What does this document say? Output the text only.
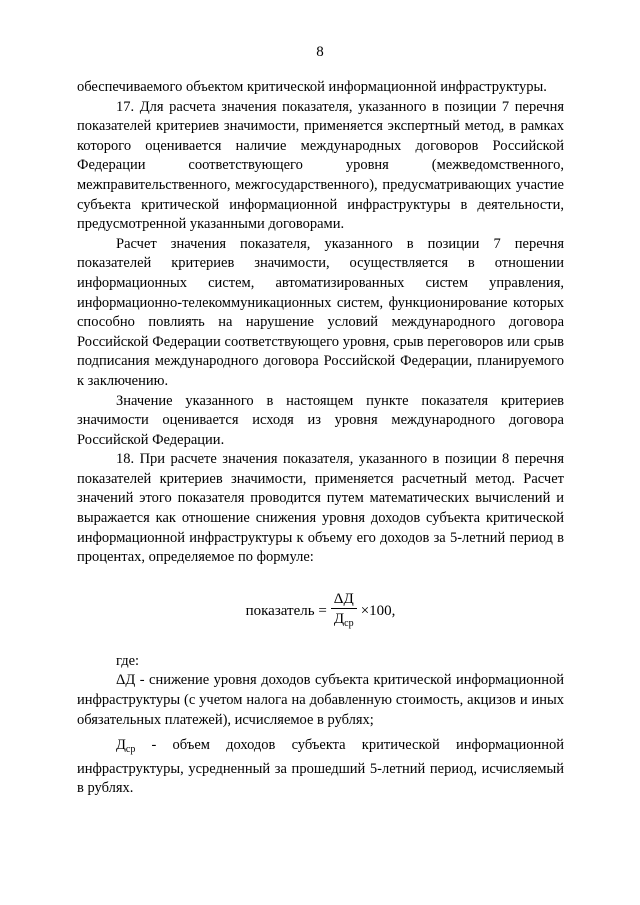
8

обеспечиваемого объектом критической информационной инфраструктуры.

17. Для расчета значения показателя, указанного в позиции 7 перечня показателей критериев значимости, применяется экспертный метод, в рамках которого оценивается наличие международных договоров Российской Федерации соответствующего уровня (межведомственного, межправительственного, межгосударственного), предусматривающих участие субъекта критической информационной инфраструктуры в деятельности, предусмотренной указанными договорами.

Расчет значения показателя, указанного в позиции 7 перечня показателей критериев значимости, осуществляется в отношении информационных систем, автоматизированных систем управления, информационно-телекоммуникационных систем, функционирование которых способно повлиять на нарушение условий международного договора Российской Федерации соответствующего уровня, срыв переговоров или срыв подписания международного договора Российской Федерации, планируемого к заключению.

Значение указанного в настоящем пункте показателя критериев значимости оценивается исходя из уровня международного договора Российской Федерации.

18. При расчете значения показателя, указанного в позиции 8 перечня показателей критериев значимости, применяется расчетный метод. Расчет значений этого показателя проводится путем математических вычислений и выражается как отношение снижения уровня доходов субъекта критической информационной инфраструктуры к объему его доходов за 5-летний период в процентах, определяемое по формуле:

показатель = $\frac{\Delta Д}{Д_{ср}} \times 100$,

где:

ΔД - снижение уровня доходов субъекта критической информационной инфраструктуры (с учетом налога на добавленную стоимость, акцизов и иных обязательных платежей), исчисляемое в рублях;

$Д_{ср}$ - объем доходов субъекта критической информационной инфраструктуры, усредненный за прошедший 5-летний период, исчисляемый в рублях.
